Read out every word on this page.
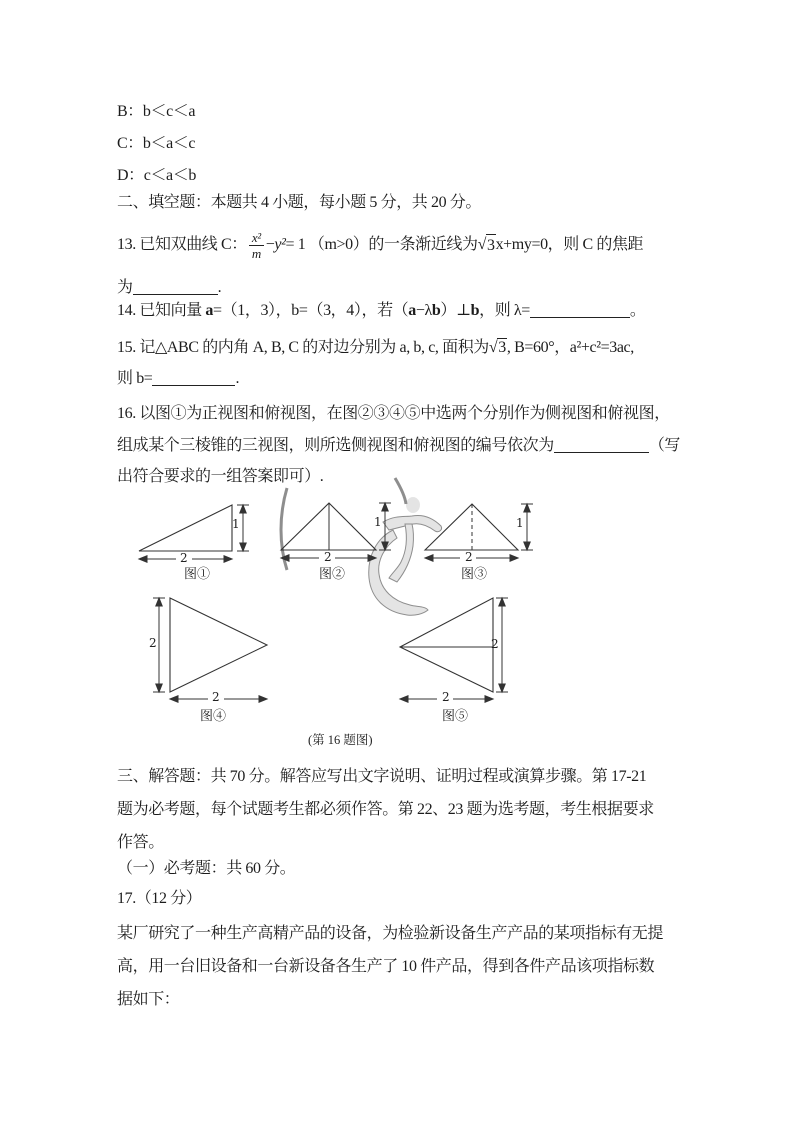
B：b＜c＜a
C：b＜a＜c
D：c＜a＜b
二、填空题：本题共 4 小题，每小题 5 分，共 20 分。
13. 已知双曲线 C： $\frac{\text{x²}}{m} - y^2 = 1$ （m>0）的一条渐近线为 √ 3 x+my=0，则 C 的焦距
为	.
14. 已知向量 a=（1，3），b=（3，4），若（a−λb）⊥b，则 λ=	。
15. 记△ABC 的内角 A, B, C 的对边分别为 a, b, c, 面积为√3, B=60°，a²+c²=3ac,
则 b=	.
16. 以图①为正视图和俯视图，在图②③④⑤中选两个分别作为侧视图和俯视图，
组成某个三棱锥的三视图，则所选侧视图和俯视图的编号依次为	（写
出符合要求的一组答案即可）.
1
2
图①
1
2
图②
1
2
图③
2
2
图④
2
2
图⑤
(第 16 题图)
三、解答题：共 70 分。解答应写出文字说明、证明过程或演算步骤。第 17-21
题为必考题，每个试题考生都必须作答。第 22、23 题为选考题，考生根据要求
作答。
（一）必考题：共 60 分。
17.（12 分）
某厂研究了一种生产高精产品的设备，为检验新设备生产产品的某项指标有无提
高，用一台旧设备和一台新设备各生产了 10 件产品，得到各件产品该项指标数
据如下：
